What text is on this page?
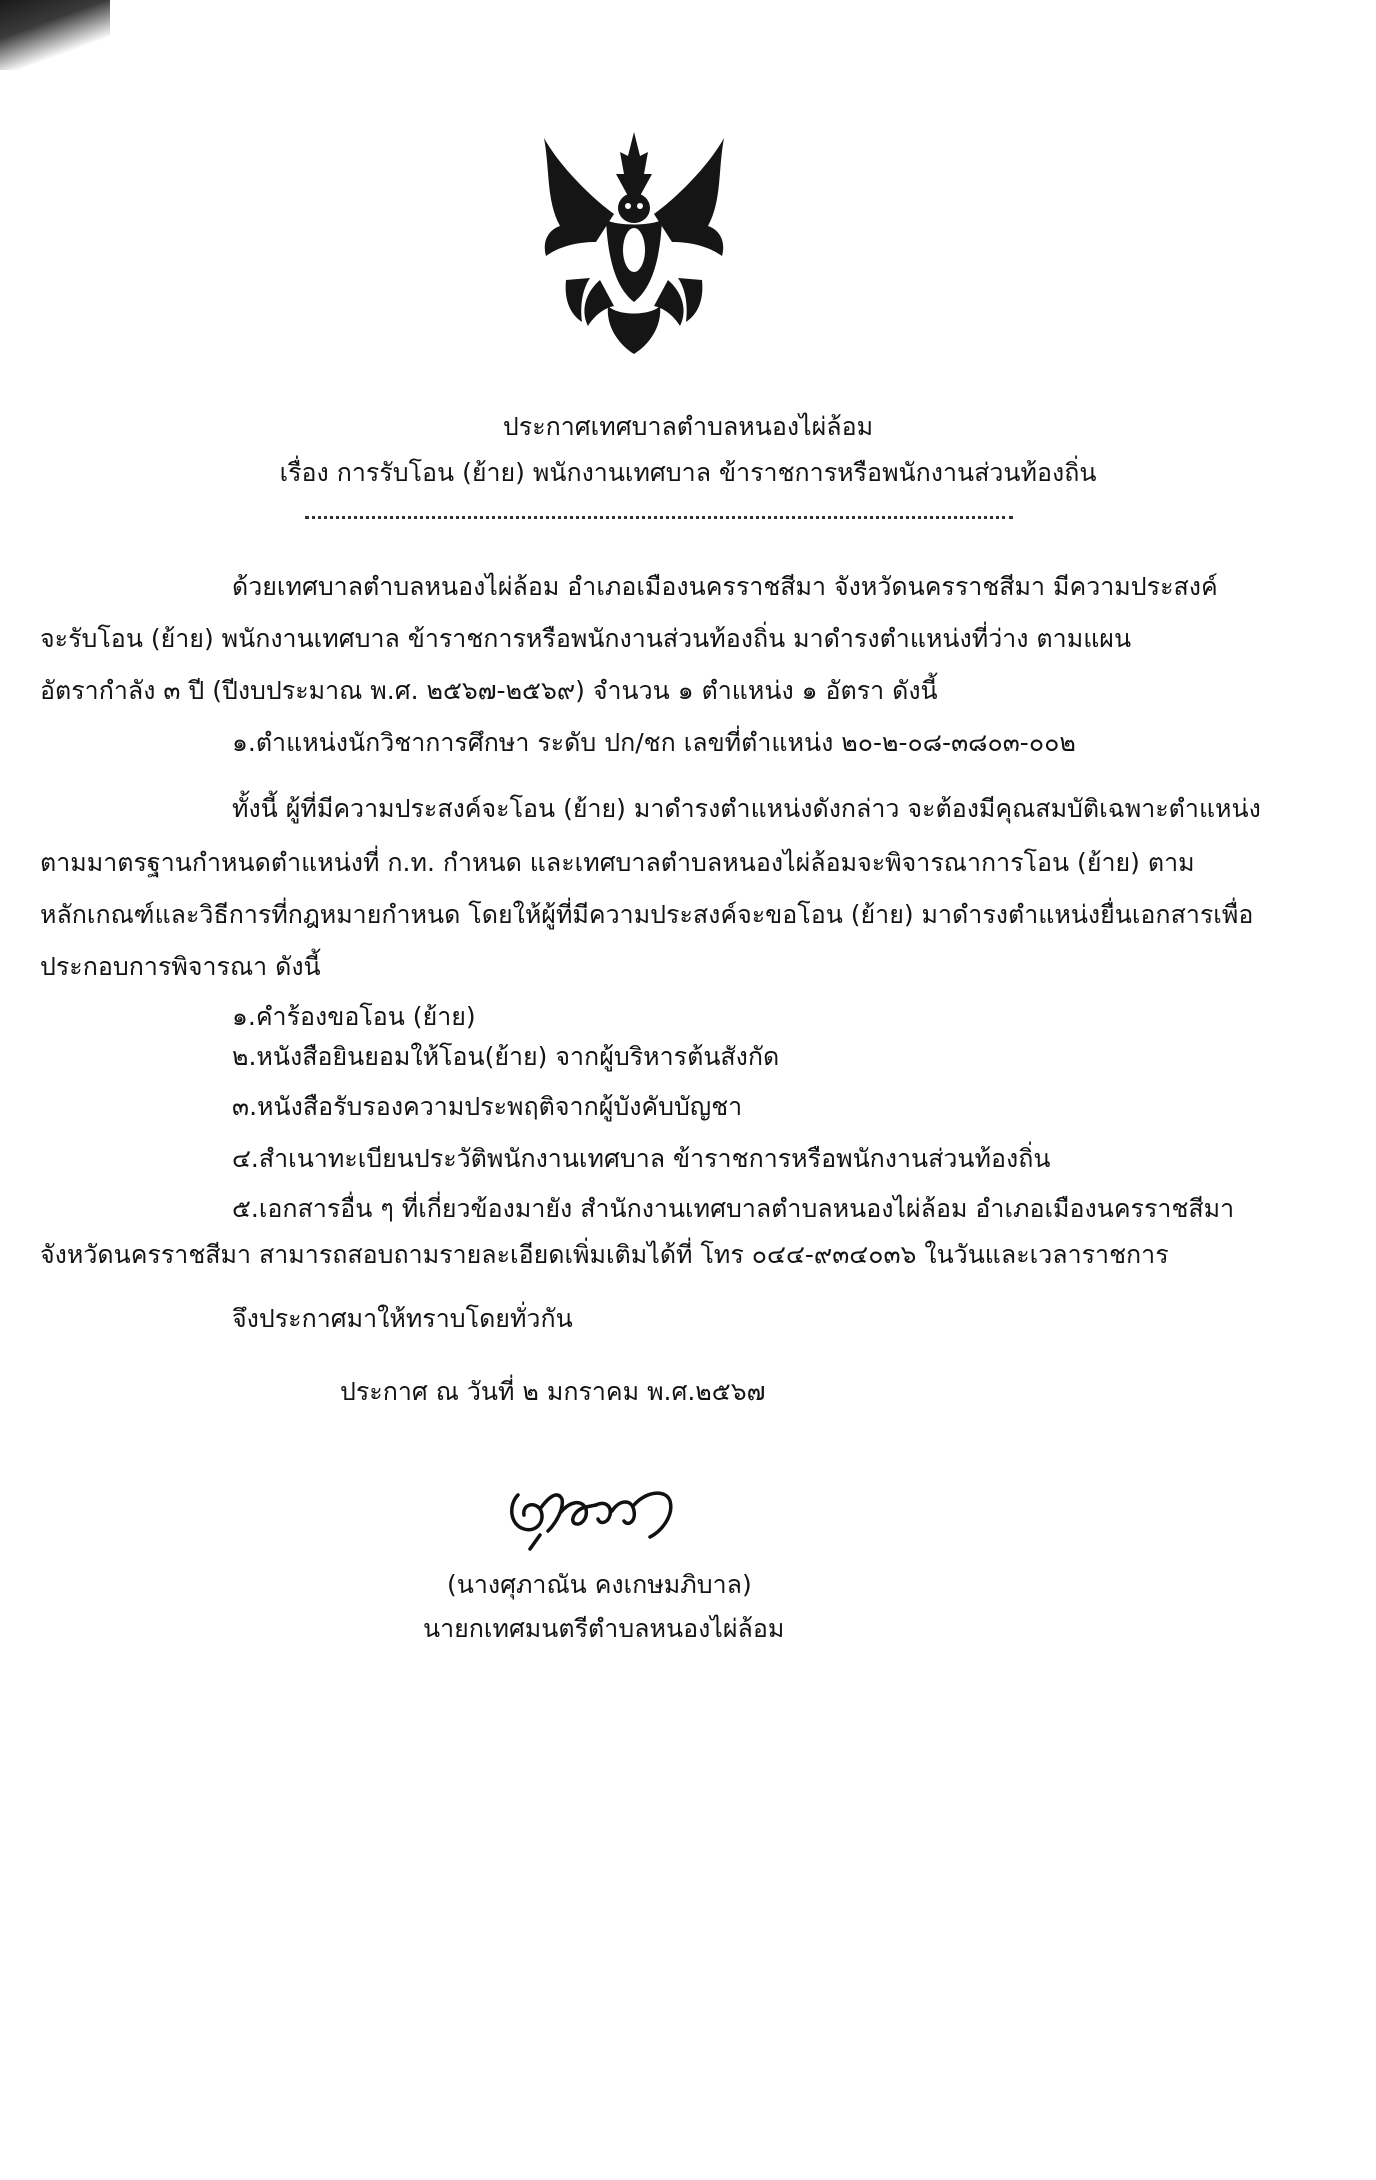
ประกาศเทศบาลตำบลหนองไผ่ล้อม
เรื่อง การรับโอน (ย้าย) พนักงานเทศบาล ข้าราชการหรือพนักงานส่วนท้องถิ่น
ด้วยเทศบาลตำบลหนองไผ่ล้อม อำเภอเมืองนครราชสีมา จังหวัดนครราชสีมา มีความประสงค์
จะรับโอน (ย้าย) พนักงานเทศบาล ข้าราชการหรือพนักงานส่วนท้องถิ่น มาดำรงตำแหน่งที่ว่าง ตามแผน
อัตรากำลัง ๓ ปี (ปีงบประมาณ พ.ศ. ๒๕๖๗-๒๕๖๙) จำนวน ๑ ตำแหน่ง ๑ อัตรา ดังนี้
๑.ตำแหน่งนักวิชาการศึกษา ระดับ ปก/ชก เลขที่ตำแหน่ง ๒๐-๒-๐๘-๓๘๐๓-๐๐๒
ทั้งนี้ ผู้ที่มีความประสงค์จะโอน (ย้าย) มาดำรงตำแหน่งดังกล่าว จะต้องมีคุณสมบัติเฉพาะตำแหน่ง
ตามมาตรฐานกำหนดตำแหน่งที่ ก.ท. กำหนด และเทศบาลตำบลหนองไผ่ล้อมจะพิจารณาการโอน (ย้าย) ตาม
หลักเกณฑ์และวิธีการที่กฎหมายกำหนด โดยให้ผู้ที่มีความประสงค์จะขอโอน (ย้าย) มาดำรงตำแหน่งยื่นเอกสารเพื่อ
ประกอบการพิจารณา ดังนี้
๑.คำร้องขอโอน (ย้าย)
๒.หนังสือยินยอมให้โอน(ย้าย) จากผู้บริหารต้นสังกัด
๓.หนังสือรับรองความประพฤติจากผู้บังคับบัญชา
๔.สำเนาทะเบียนประวัติพนักงานเทศบาล ข้าราชการหรือพนักงานส่วนท้องถิ่น
๕.เอกสารอื่น ๆ ที่เกี่ยวข้องมายัง สำนักงานเทศบาลตำบลหนองไผ่ล้อม อำเภอเมืองนครราชสีมา
จังหวัดนครราชสีมา สามารถสอบถามรายละเอียดเพิ่มเติมได้ที่ โทร ๐๔๔-๙๓๔๐๓๖ ในวันและเวลาราชการ
จึงประกาศมาให้ทราบโดยทั่วกัน
ประกาศ ณ วันที่ ๒ มกราคม พ.ศ.๒๕๖๗
(นางศุภาณัน คงเกษมภิบาล)
นายกเทศมนตรีตำบลหนองไผ่ล้อม
